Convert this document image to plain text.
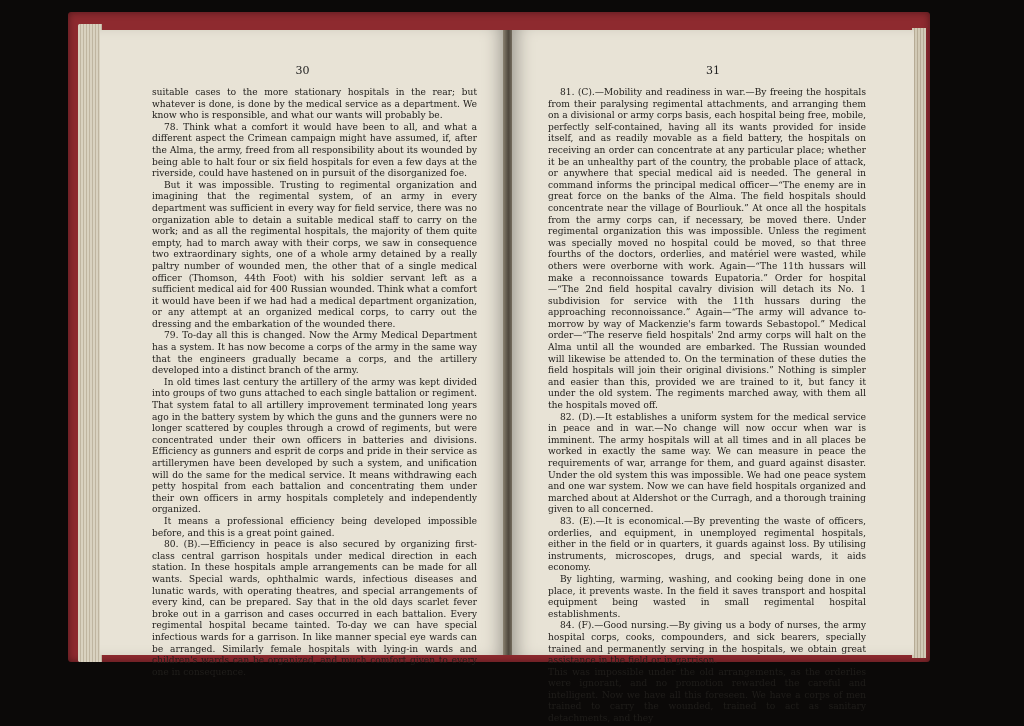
30

suitable cases to the more stationary hospitals in the rear; but whatever is done, is done by the medical service as a department. We know who is responsible, and what our wants will probably be.

78. Think what a comfort it would have been to all, and what a different aspect the Crimean campaign might have assumed, if, after the Alma, the army, freed from all responsibility about its wounded by being able to halt four or six field hospitals for even a few days at the riverside, could have hastened on in pursuit of the disorganized foe.

But it was impossible. Trusting to regimental organization and imagining that the regimental system, of an army in every department was sufficient in every way for field service, there was no organization able to detain a suitable medical staff to carry on the work; and as all the regimental hospitals, the majority of them quite empty, had to march away with their corps, we saw in consequence two extraordinary sights, one of a whole army detained by a really paltry number of wounded men, the other that of a single medical officer (Thomson, 44th Foot) with his soldier servant left as a sufficient medical aid for 400 Russian wounded. Think what a comfort it would have been if we had had a medical department organization, or any attempt at an organized medical corps, to carry out the dressing and the embarkation of the wounded there.

79. To-day all this is changed. Now the Army Medical Department has a system. It has now become a corps of the army in the same way that the engineers gradually became a corps, and the artillery developed into a distinct branch of the army.

In old times last century the artillery of the army was kept divided into groups of two guns attached to each single battalion or regiment. That system fatal to all artillery improvement terminated long years ago in the battery system by which the guns and the gunners were no longer scattered by couples through a crowd of regiments, but were concentrated under their own officers in batteries and divisions. Efficiency as gunners and esprit de corps and pride in their service as artillerymen have been developed by such a system, and unification will do the same for the medical service. It means withdrawing each petty hospital from each battalion and concentrating them under their own officers in army hospitals completely and independently organized.

It means a professional efficiency being developed impossible before, and this is a great point gained.

80. (B).—Efficiency in peace is also secured by organizing first-class central garrison hospitals under medical direction in each station. In these hospitals ample arrangements can be made for all wants. Special wards, ophthalmic wards, infectious diseases and lunatic wards, with operating theatres, and special arrangements of every kind, can be prepared. Say that in the old days scarlet fever broke out in a garrison and cases occurred in each battalion. Every regimental hospital became tainted. To-day we can have special infectious wards for a garrison. In like manner special eye wards can be arranged. Similarly female hospitals with lying-in wards and children's wards can be organized, and much comfort given to every one in consequence.

31

81. (C).—Mobility and readiness in war.—By freeing the hospitals from their paralysing regimental attachments, and arranging them on a divisional or army corps basis, each hospital being free, mobile, perfectly self-contained, having all its wants provided for inside itself, and as readily movable as a field battery, the hospitals on receiving an order can concentrate at any particular place; whether it be an unhealthy part of the country, the probable place of attack, or anywhere that special medical aid is needed. The general in command informs the principal medical officer—“The enemy are in great force on the banks of the Alma. The field hospitals should concentrate near the village of Bourliouk.” At once all the hospitals from the army corps can, if necessary, be moved there. Under regimental organization this was impossible. Unless the regiment was specially moved no hospital could be moved, so that three fourths of the doctors, orderlies, and matériel were wasted, while others were overborne with work. Again—“The 11th hussars will make a reconnoissance towards Eupatoria.” Order for hospital—“The 2nd field hospital cavalry division will detach its No. 1 subdivision for service with the 11th hussars during the approaching reconnoissance.” Again—“The army will advance to-morrow by way of Mackenzie's farm towards Sebastopol.” Medical order—“The reserve field hospitals' 2nd army corps will halt on the Alma until all the wounded are embarked. The Russian wounded will likewise be attended to. On the termination of these duties the field hospitals will join their original divisions.” Nothing is simpler and easier than this, provided we are trained to it, but fancy it under the old system. The regiments marched away, with them all the hospitals moved off.

82. (D).—It establishes a uniform system for the medical service in peace and in war.—No change will now occur when war is imminent. The army hospitals will at all times and in all places be worked in exactly the same way. We can measure in peace the requirements of war, arrange for them, and guard against disaster. Under the old system this was impossible. We had one peace system and one war system. Now we can have field hospitals organized and marched about at Aldershot or the Curragh, and a thorough training given to all concerned.

83. (E).—It is economical.—By preventing the waste of officers, orderlies, and equipment, in unemployed regimental hospitals, either in the field or in quarters, it guards against loss. By utilising instruments, microscopes, drugs, and special wards, it aids economy.

By lighting, warming, washing, and cooking being done in one place, it prevents waste. In the field it saves transport and hospital equipment being wasted in small regimental hospital establishments.

84. (F).—Good nursing.—By giving us a body of nurses, the army hospital corps, cooks, compounders, and sick bearers, specially trained and permanently serving in the hospitals, we obtain great assistance in the field or in garrison.

This was impossible under the old arrangements, as the orderlies were ignorant, and no promotion rewarded the careful and intelligent. Now we have all this foreseen. We have a corps of men trained to carry the wounded, trained to act as sanitary detachments, and they
